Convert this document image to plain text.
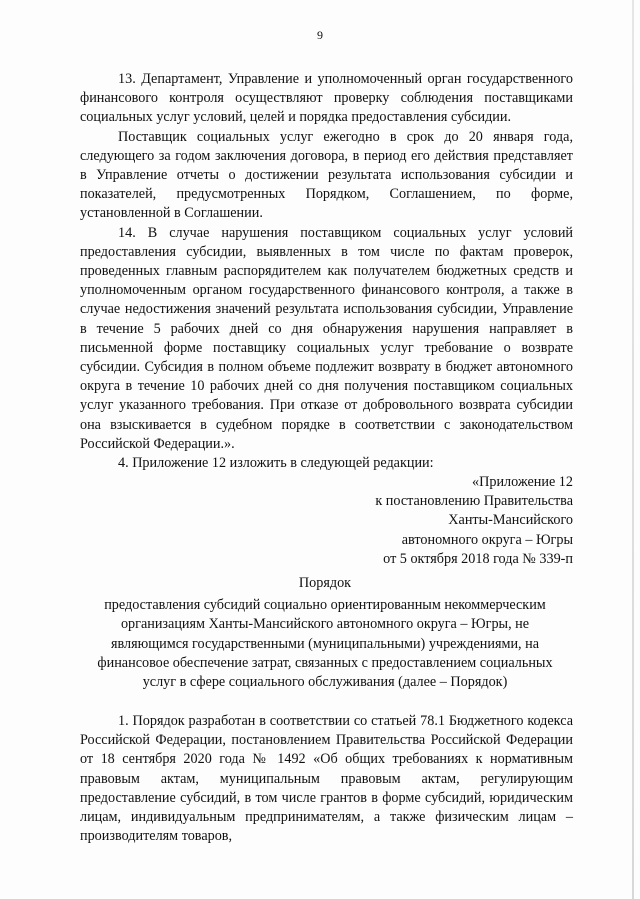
9

13. Департамент, Управление и уполномоченный орган государственного финансового контроля осуществляют проверку соблюдения поставщиками социальных услуг условий, целей и порядка предоставления субсидии.

Поставщик социальных услуг ежегодно в срок до 20 января года, следующего за годом заключения договора, в период его действия представляет в Управление отчеты о достижении результата использования субсидии и показателей, предусмотренных Порядком, Соглашением, по форме, установленной в Соглашении.

14. В случае нарушения поставщиком социальных услуг условий предоставления субсидии, выявленных в том числе по фактам проверок, проведенных главным распорядителем как получателем бюджетных средств и уполномоченным органом государственного финансового контроля, а также в случае недостижения значений результата использования субсидии, Управление в течение 5 рабочих дней со дня обнаружения нарушения направляет в письменной форме поставщику социальных услуг требование о возврате субсидии. Субсидия в полном объеме подлежит возврату в бюджет автономного округа в течение 10 рабочих дней со дня получения поставщиком социальных услуг указанного требования. При отказе от добровольного возврата субсидии она взыскивается в судебном порядке в соответствии с законодательством Российской Федерации.».

4. Приложение 12 изложить в следующей редакции:

«Приложение 12
к постановлению Правительства
Ханты-Мансийского
автономного округа – Югры
от 5 октября 2018 года № 339-п
Порядок
предоставления субсидий социально ориентированным некоммерческим организациям Ханты-Мансийского автономного округа – Югры, не являющимся государственными (муниципальными) учреждениями, на финансовое обеспечение затрат, связанных с предоставлением социальных услуг в сфере социального обслуживания (далее – Порядок)

1. Порядок разработан в соответствии со статьей 78.1 Бюджетного кодекса Российской Федерации, постановлением Правительства Российской Федерации от 18 сентября 2020 года № 1492 «Об общих требованиях к нормативным правовым актам, муниципальным правовым актам, регулирующим предоставление субсидий, в том числе грантов в форме субсидий, юридическим лицам, индивидуальным предпринимателям, а также физическим лицам – производителям товаров,
